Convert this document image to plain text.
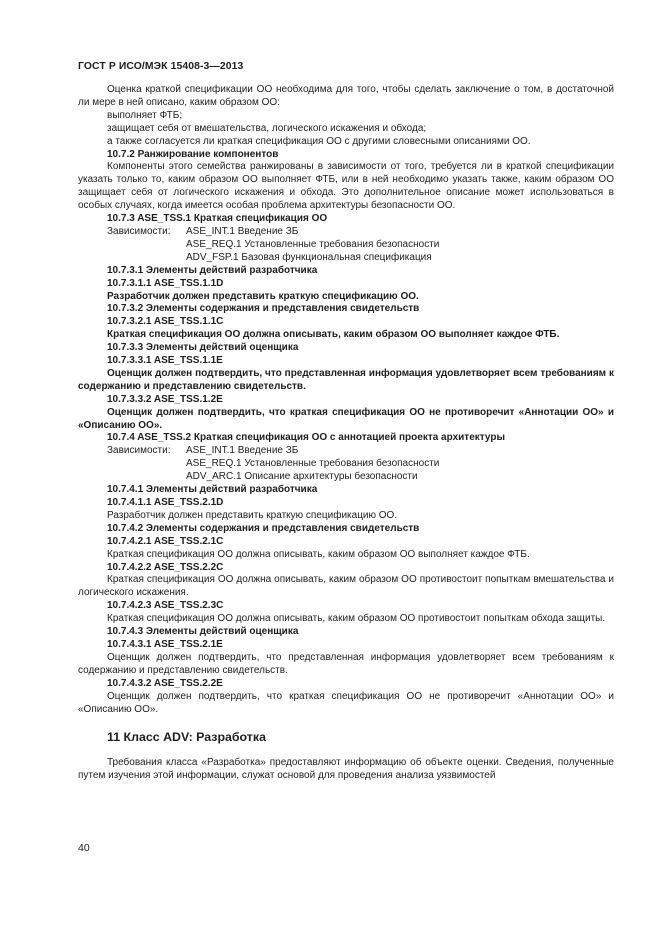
ГОСТ Р ИСО/МЭК 15408-3—2013

Оценка краткой спецификации ОО необходима для того, чтобы сделать заключение о том, в достаточной ли мере в ней описано, каким образом ОО:

выполняет ФТБ;

защищает себя от вмешательства, логического искажения и обхода;

а также согласуется ли краткая спецификация ОО с другими словесными описаниями ОО.

10.7.2 Ранжирование компонентов

Компоненты этого семейства ранжированы в зависимости от того, требуется ли в краткой спецификации указать только то, каким образом ОО выполняет ФТБ, или в ней необходимо указать также, каким образом ОО защищает себя от логического искажения и обхода. Это дополнительное описание может использоваться в особых случаях, когда имеется особая проблема архитектуры безопасности ОО.

10.7.3 ASE_TSS.1 Краткая спецификация ОО

Зависимости:	ASE_INT.1 Введение ЗБ
ASE_REQ.1 Установленные требования безопасности
ADV_FSP.1 Базовая функциональная спецификация

10.7.3.1 Элементы действий разработчика

10.7.3.1.1 ASE_TSS.1.1D

Разработчик должен представить краткую спецификацию ОО.

10.7.3.2 Элементы содержания и представления свидетельств

10.7.3.2.1 ASE_TSS.1.1C

Краткая спецификация ОО должна описывать, каким образом ОО выполняет каждое ФТБ.

10.7.3.3 Элементы действий оценщика

10.7.3.3.1 ASE_TSS.1.1E

Оценщик должен подтвердить, что представленная информация удовлетворяет всем требованиям к содержанию и представлению свидетельств.

10.7.3.3.2 ASE_TSS.1.2E

Оценщик должен подтвердить, что краткая спецификация ОО не противоречит «Аннотации ОО» и «Описанию ОО».

10.7.4 ASE_TSS.2 Краткая спецификация ОО с аннотацией проекта архитектуры

Зависимости:	ASE_INT.1 Введение ЗБ
ASE_REQ.1 Установленные требования безопасности
ADV_ARC.1 Описание архитектуры безопасности

10.7.4.1 Элементы действий разработчика

10.7.4.1.1 ASE_TSS.2.1D

Разработчик должен представить краткую спецификацию ОО.

10.7.4.2 Элементы содержания и представления свидетельств

10.7.4.2.1 ASE_TSS.2.1C

Краткая спецификация ОО должна описывать, каким образом ОО выполняет каждое ФТБ.

10.7.4.2.2 ASE_TSS.2.2C

Краткая спецификация ОО должна описывать, каким образом ОО противостоит попыткам вмешательства и логического искажения.

10.7.4.2.3 ASE_TSS.2.3C

Краткая спецификация ОО должна описывать, каким образом ОО противостоит попыткам обхода защиты.

10.7.4.3 Элементы действий оценщика

10.7.4.3.1 ASE_TSS.2.1E

Оценщик должен подтвердить, что представленная информация удовлетворяет всем требованиям к содержанию и представлению свидетельств.

10.7.4.3.2 ASE_TSS.2.2E

Оценщик должен подтвердить, что краткая спецификация ОО не противоречит «Аннотации ОО» и «Описанию ОО».

11 Класс ADV: Разработка

Требования класса «Разработка» предоставляют информацию об объекте оценки. Сведения, полученные путем изучения этой информации, служат основой для проведения анализа уязвимостей

40
